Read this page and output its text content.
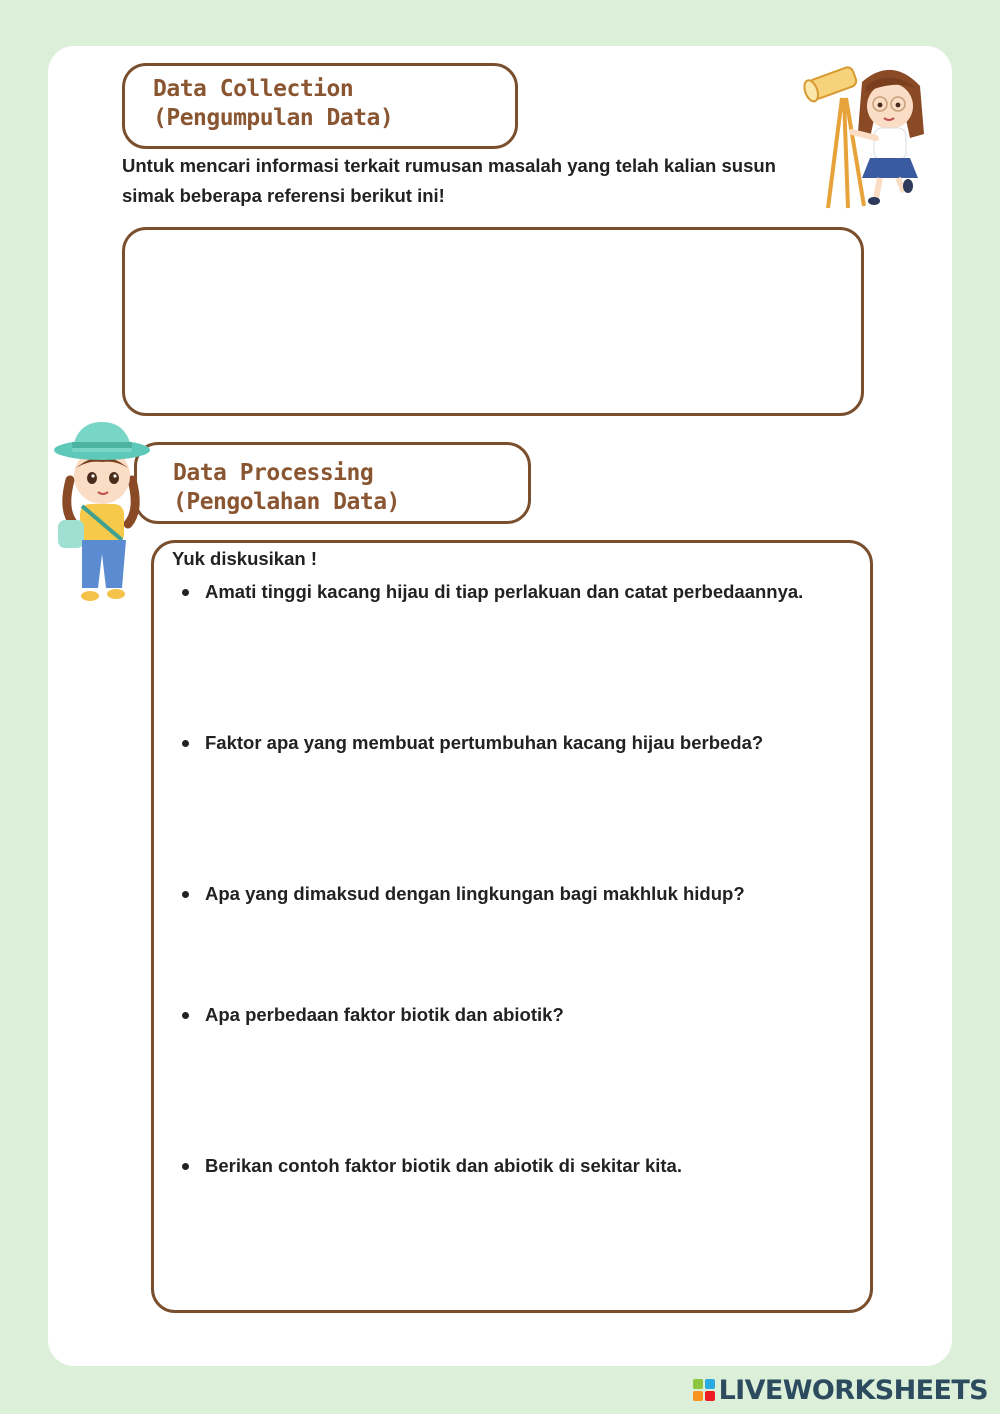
Data Collection
(Pengumpulan Data)
Untuk mencari informasi terkait rumusan masalah yang telah kalian susun simak beberapa referensi berikut ini!
Data Processing
(Pengolahan Data)
Yuk diskusikan !
Amati tinggi kacang hijau di tiap perlakuan dan catat perbedaannya.
Faktor apa yang membuat pertumbuhan kacang hijau berbeda?
Apa yang dimaksud dengan lingkungan bagi makhluk hidup?
Apa perbedaan faktor biotik dan abiotik?
Berikan contoh faktor biotik dan abiotik di sekitar kita.
LIVEWORKSHEETS
